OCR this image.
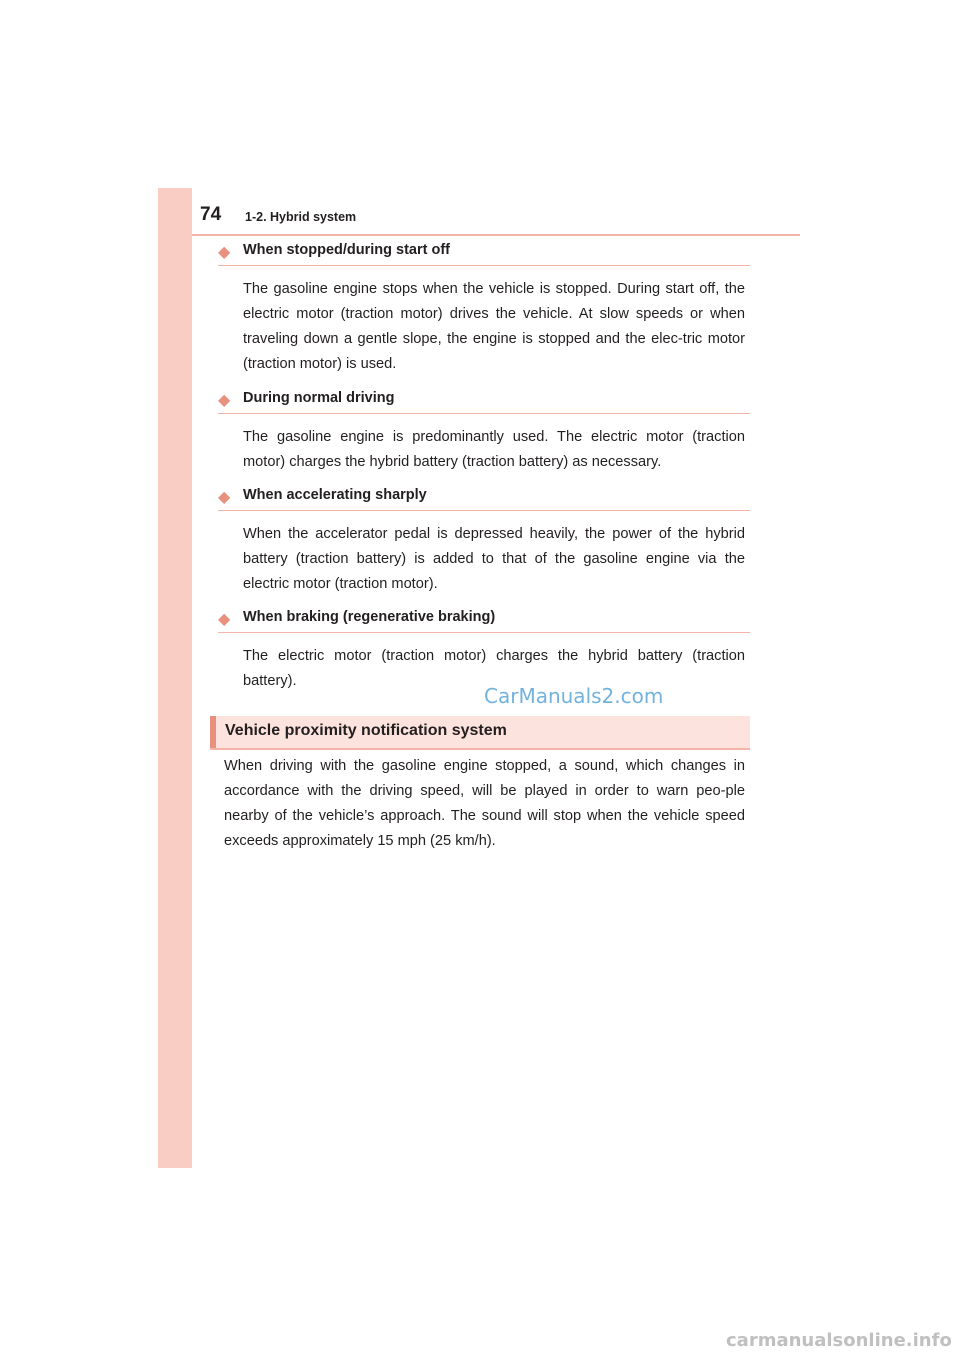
74 1-2. Hybrid system
◆ When stopped/during start off

The gasoline engine stops when the vehicle is stopped. During start off, the electric motor (traction motor) drives the vehicle. At slow speeds or when traveling down a gentle slope, the engine is stopped and the elec-tric motor (traction motor) is used.

◆ During normal driving

The gasoline engine is predominantly used. The electric motor (traction motor) charges the hybrid battery (traction battery) as necessary.

◆ When accelerating sharply

When the accelerator pedal is depressed heavily, the power of the hybrid battery (traction battery) is added to that of the gasoline engine via the electric motor (traction motor).

◆ When braking (regenerative braking)

The electric motor (traction motor) charges the hybrid battery (traction battery).

CarManuals2.com
Vehicle proximity notification system

When driving with the gasoline engine stopped, a sound, which changes in accordance with the driving speed, will be played in order to warn peo-ple nearby of the vehicle’s approach. The sound will stop when the vehicle speed exceeds approximately 15 mph (25 km/h).

carmanualsonline.info
